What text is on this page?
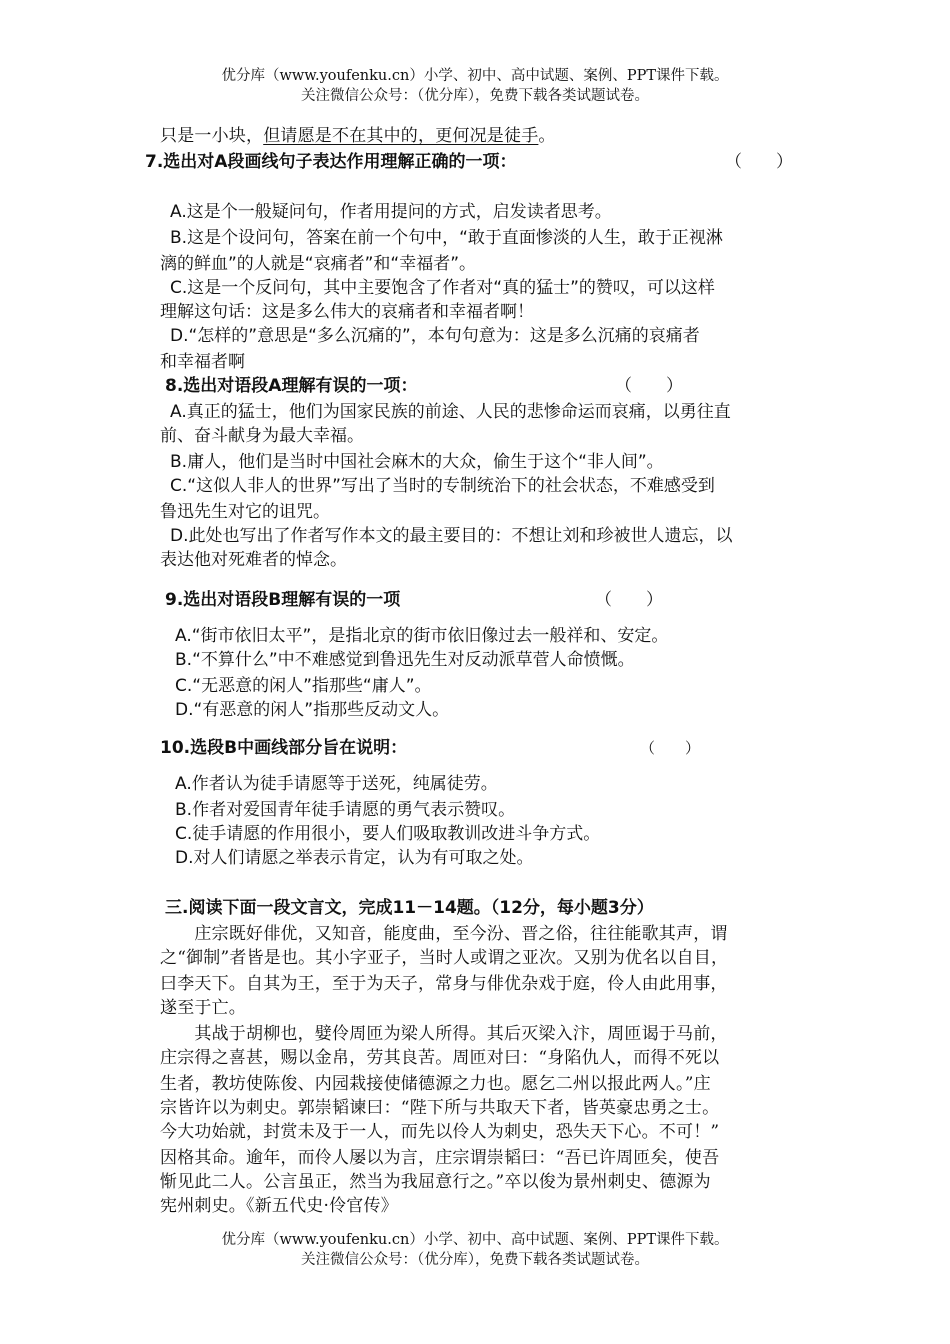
优分库（www.youfenku.cn）小学、初中、高中试题、案例、PPT课件下载。
关注微信公众号：（优分库），免费下载各类试题试卷。
只是一小块，但请愿是不在其中的，更何况是徒手。
7.选出对A段画线句子表达作用理解正确的一项：	（　　）
A.这是个一般疑问句，作者用提问的方式，启发读者思考。
B.这是个设问句，答案在前一个句中，“敢于直面惨淡的人生，敢于正视淋
漓的鲜血”的人就是“哀痛者”和“幸福者”。
C.这是一个反问句，其中主要饱含了作者对“真的猛士”的赞叹，可以这样
理解这句话：这是多么伟大的哀痛者和幸福者啊！
D.“怎样的”意思是“多么沉痛的”，本句句意为：这是多么沉痛的哀痛者
和幸福者啊
8.选出对语段A理解有误的一项：	（　　）
A.真正的猛士，他们为国家民族的前途、人民的悲惨命运而哀痛，以勇往直
前、奋斗献身为最大幸福。
B.庸人，他们是当时中国社会麻木的大众，偷生于这个“非人间”。
C.“这似人非人的世界”写出了当时的专制统治下的社会状态，不难感受到
鲁迅先生对它的诅咒。
D.此处也写出了作者写作本文的最主要目的：不想让刘和珍被世人遗忘，以
表达他对死难者的悼念。
9.选出对语段B理解有误的一项	（　　）
A.“街市依旧太平”，是指北京的街市依旧像过去一般祥和、安定。
B.“不算什么”中不难感觉到鲁迅先生对反动派草菅人命愤慨。
C.“无恶意的闲人”指那些“庸人”。
D.“有恶意的闲人”指那些反动文人。
10.选段B中画线部分旨在说明：	（　　）
A.作者认为徒手请愿等于送死，纯属徒劳。
B.作者对爱国青年徒手请愿的勇气表示赞叹。
C.徒手请愿的作用很小，要人们吸取教训改进斗争方式。
D.对人们请愿之举表示肯定，认为有可取之处。
三.阅读下面一段文言文，完成11－14题。（12分，每小题3分）
　　庄宗既好俳优，又知音，能度曲，至今汾、晋之俗，往往能歌其声，谓
之“御制”者皆是也。其小字亚子，当时人或谓之亚次。又别为优名以自目，
曰李天下。自其为王，至于为天子，常身与俳优杂戏于庭，伶人由此用事，
遂至于亡。
　　其战于胡柳也，嬖伶周匝为梁人所得。其后灭梁入汴，周匝谒于马前，
庄宗得之喜甚，赐以金帛，劳其良苦。周匝对曰：“身陷仇人，而得不死以
生者，教坊使陈俊、内园栽接使储德源之力也。愿乞二州以报此两人。”庄
宗皆许以为刺史。郭崇韬谏曰：“陛下所与共取天下者，皆英豪忠勇之士。
今大功始就，封赏未及于一人，而先以伶人为刺史，恐失天下心。不可！”
因格其命。逾年，而伶人屡以为言，庄宗谓崇韬曰：“吾已许周匝矣，使吾
惭见此二人。公言虽正，然当为我屈意行之。”卒以俊为景州刺史、德源为
宪州刺史。《新五代史·伶官传》
优分库（www.youfenku.cn）小学、初中、高中试题、案例、PPT课件下载。
关注微信公众号：（优分库），免费下载各类试题试卷。
